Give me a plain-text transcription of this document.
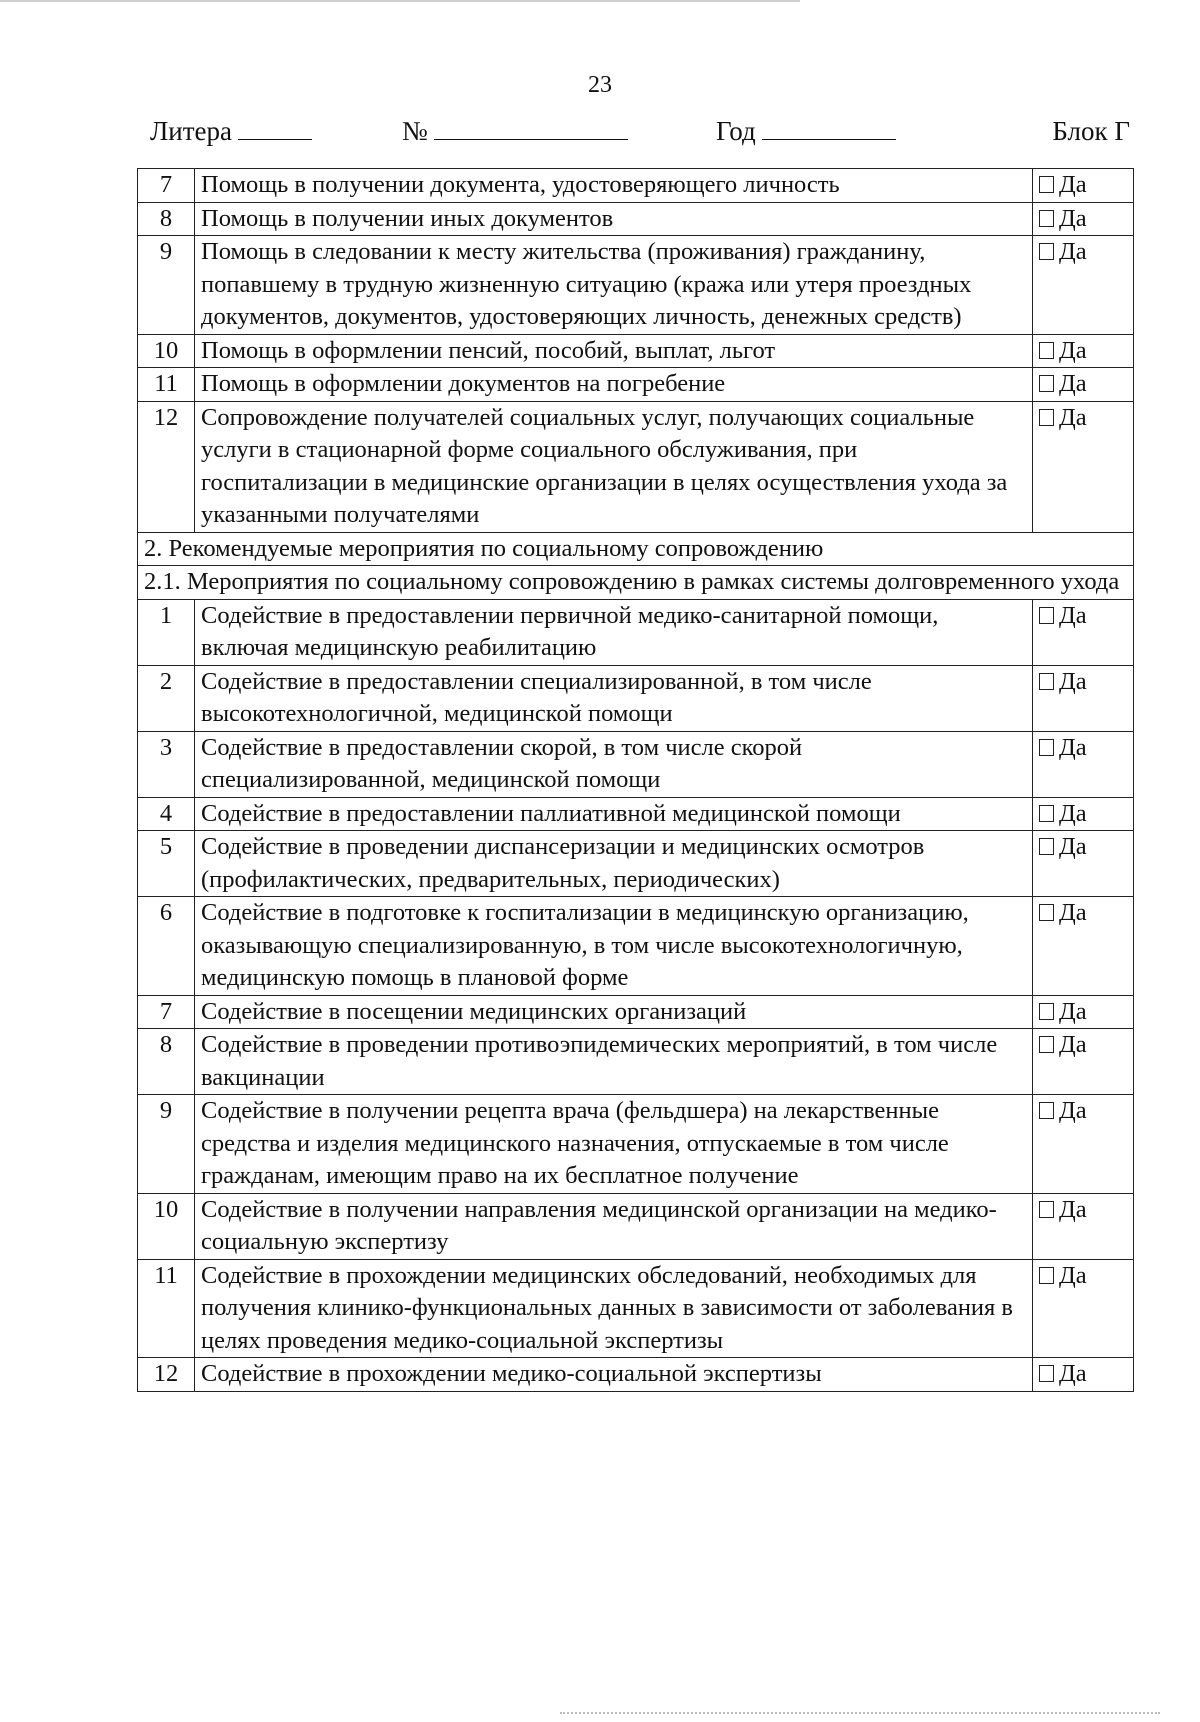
23
Литера	№	Год	Блок Г
7	Помощь в получении документа, удостоверяющего личность	Да
8	Помощь в получении иных документов	Да
9	Помощь в следовании к месту жительства (проживания) гражданину, попавшему в трудную жизненную ситуацию (кража или утеря проездных документов, документов, удостоверяющих личность, денежных средств)	Да
10	Помощь в оформлении пенсий, пособий, выплат, льгот	Да
11	Помощь в оформлении документов на погребение	Да
12	Сопровождение получателей социальных услуг, получающих социальные услуги в стационарной форме социального обслуживания, при госпитализации в медицинские организации в целях осуществления ухода за указанными получателями	Да
2. Рекомендуемые мероприятия по социальному сопровождению		
2.1. Мероприятия по социальному сопровождению в рамках системы долговременного ухода		
1	Содействие в предоставлении первичной медико-санитарной помощи, включая медицинскую реабилитацию	Да
2	Содействие в предоставлении специализированной, в том числе высокотехнологичной, медицинской помощи	Да
3	Содействие в предоставлении скорой, в том числе скорой специализированной, медицинской помощи	Да
4	Содействие в предоставлении паллиативной медицинской помощи	Да
5	Содействие в проведении диспансеризации и медицинских осмотров (профилактических, предварительных, периодических)	Да
6	Содействие в подготовке к госпитализации в медицинскую организацию, оказывающую специализированную, в том числе высокотехнологичную, медицинскую помощь в плановой форме	Да
7	Содействие в посещении медицинских организаций	Да
8	Содействие в проведении противоэпидемических мероприятий, в том числе вакцинации	Да
9	Содействие в получении рецепта врача (фельдшера) на лекарственные средства и изделия медицинского назначения, отпускаемые в том числе гражданам, имеющим право на их бесплатное получение	Да
10	Содействие в получении направления медицинской организации на медико-социальную экспертизу	Да
11	Содействие в прохождении медицинских обследований, необходимых для получения клинико-функциональных данных в зависимости от заболевания в целях проведения медико-социальной экспертизы	Да
12	Содействие в прохождении медико-социальной экспертизы	Да
